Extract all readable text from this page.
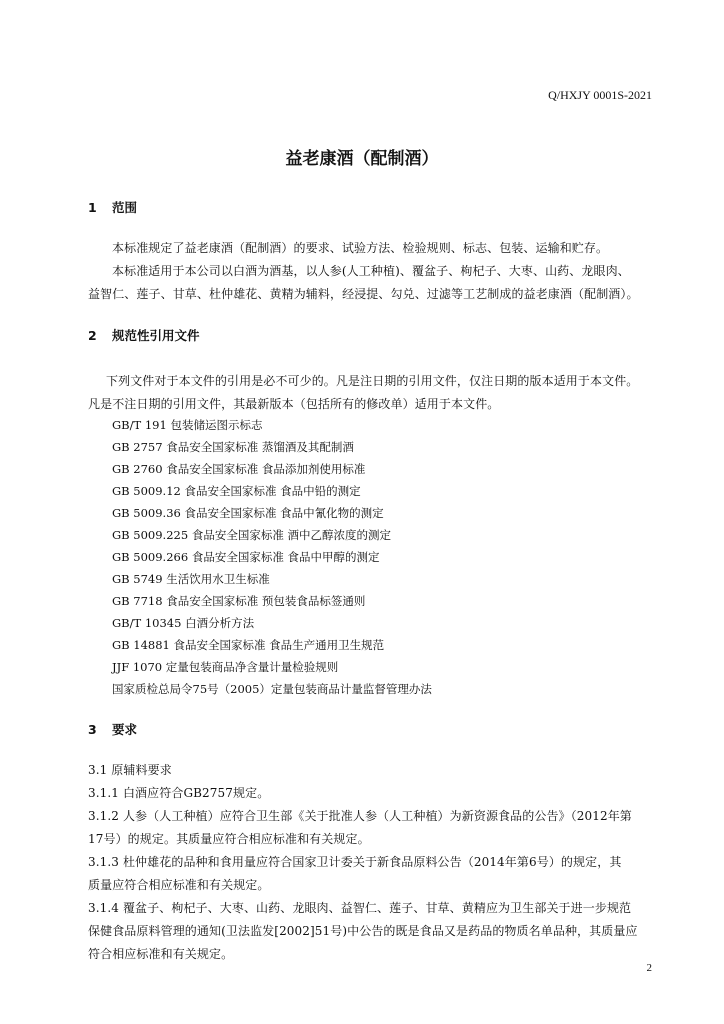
Q/HXJY 0001S-2021
益老康酒（配制酒）
1 范围
本标准规定了益老康酒（配制酒）的要求、试验方法、检验规则、标志、包装、运输和贮存。
本标准适用于本公司以白酒为酒基，以人参(人工种植)、覆盆子、枸杞子、大枣、山药、龙眼肉、
益智仁、莲子、甘草、杜仲雄花、黄精为辅料，经浸提、勾兑、过滤等工艺制成的益老康酒（配制酒）。
2 规范性引用文件
下列文件对于本文件的引用是必不可少的。凡是注日期的引用文件，仅注日期的版本适用于本文件。
凡是不注日期的引用文件，其最新版本（包括所有的修改单）适用于本文件。
GB/T 191 包装储运图示标志
GB 2757 食品安全国家标准 蒸馏酒及其配制酒
GB 2760 食品安全国家标准 食品添加剂使用标准
GB 5009.12 食品安全国家标准 食品中铅的测定
GB 5009.36 食品安全国家标准 食品中氰化物的测定
GB 5009.225 食品安全国家标准 酒中乙醇浓度的测定
GB 5009.266 食品安全国家标准 食品中甲醇的测定
GB 5749 生活饮用水卫生标准
GB 7718 食品安全国家标准 预包装食品标签通则
GB/T 10345 白酒分析方法
GB 14881 食品安全国家标准 食品生产通用卫生规范
JJF 1070 定量包装商品净含量计量检验规则
国家质检总局令75号（2005）定量包装商品计量监督管理办法
3 要求
3.1 原辅料要求
3.1.1 白酒应符合GB2757规定。
3.1.2 人参（人工种植）应符合卫生部《关于批准人参（人工种植）为新资源食品的公告》（2012年第
17号）的规定。其质量应符合相应标准和有关规定。
3.1.3 杜仲雄花的品种和食用量应符合国家卫计委关于新食品原料公告（2014年第6号）的规定，其
质量应符合相应标准和有关规定。
3.1.4 覆盆子、枸杞子、大枣、山药、龙眼肉、益智仁、莲子、甘草、黄精应为卫生部关于进一步规范
保健食品原料管理的通知(卫法监发[2002]51号)中公告的既是食品又是药品的物质名单品种，其质量应
符合相应标准和有关规定。
2
